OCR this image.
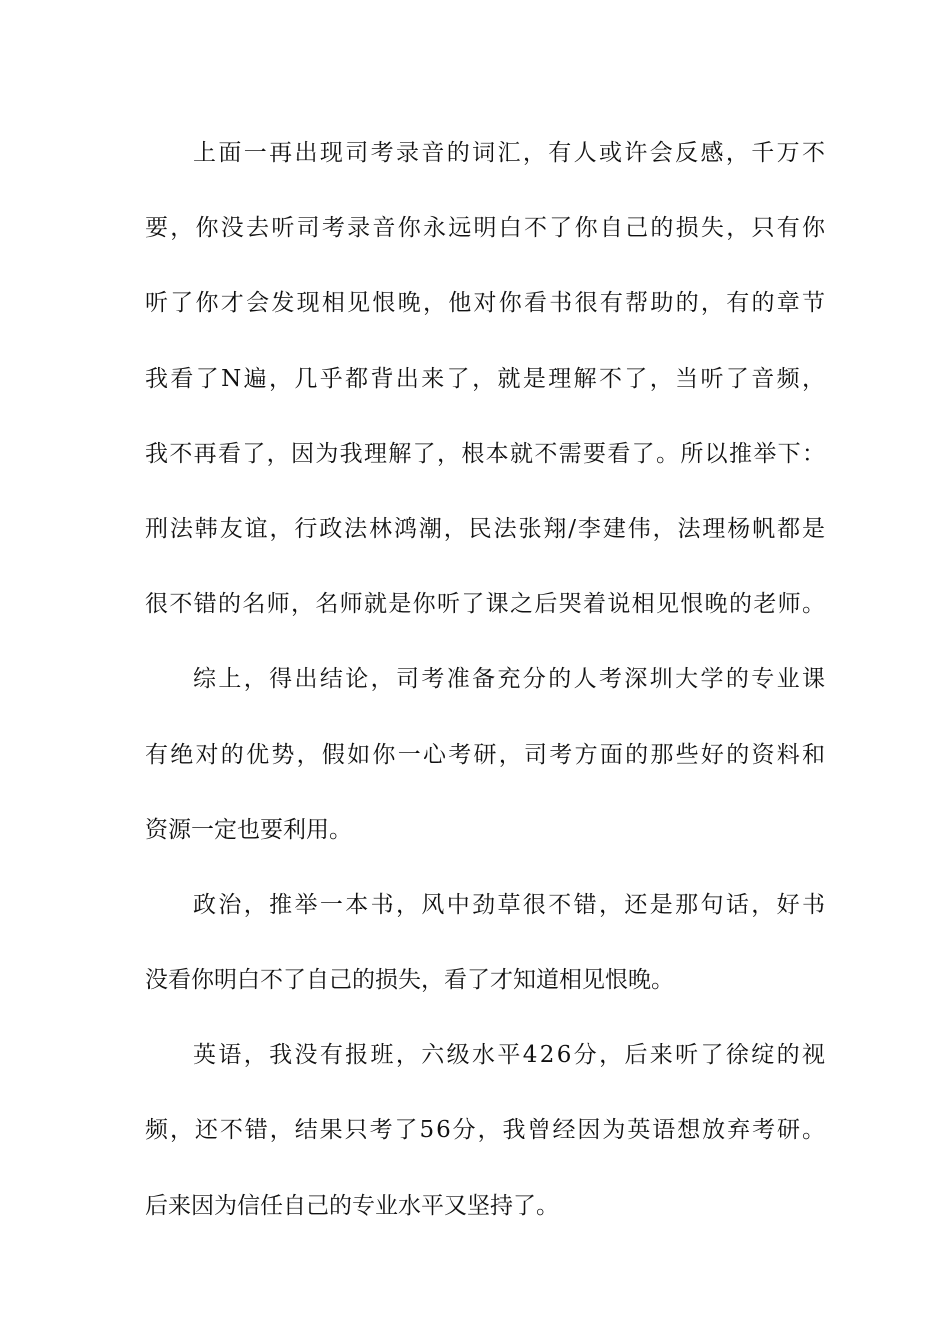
上面一再出现司考录音的词汇，有人或许会反感，千万不
要，你没去听司考录音你永远明白不了你自己的损失，只有你
听了你才会发现相见恨晚，他对你看书很有帮助的，有的章节
我看了N遍，几乎都背出来了，就是理解不了，当听了音频，
我不再看了，因为我理解了，根本就不需要看了。所以推举下：
刑法韩友谊，行政法林鸿潮，民法张翔/李建伟，法理杨帆都是
很不错的名师，名师就是你听了课之后哭着说相见恨晚的老师。
综上，得出结论，司考准备充分的人考深圳大学的专业课
有绝对的优势，假如你一心考研，司考方面的那些好的资料和
资源一定也要利用。
政治，推举一本书，风中劲草很不错，还是那句话，好书
没看你明白不了自己的损失，看了才知道相见恨晚。
英语，我没有报班，六级水平426分，后来听了徐绽的视
频，还不错，结果只考了56分，我曾经因为英语想放弃考研。
后来因为信任自己的专业水平又坚持了。
